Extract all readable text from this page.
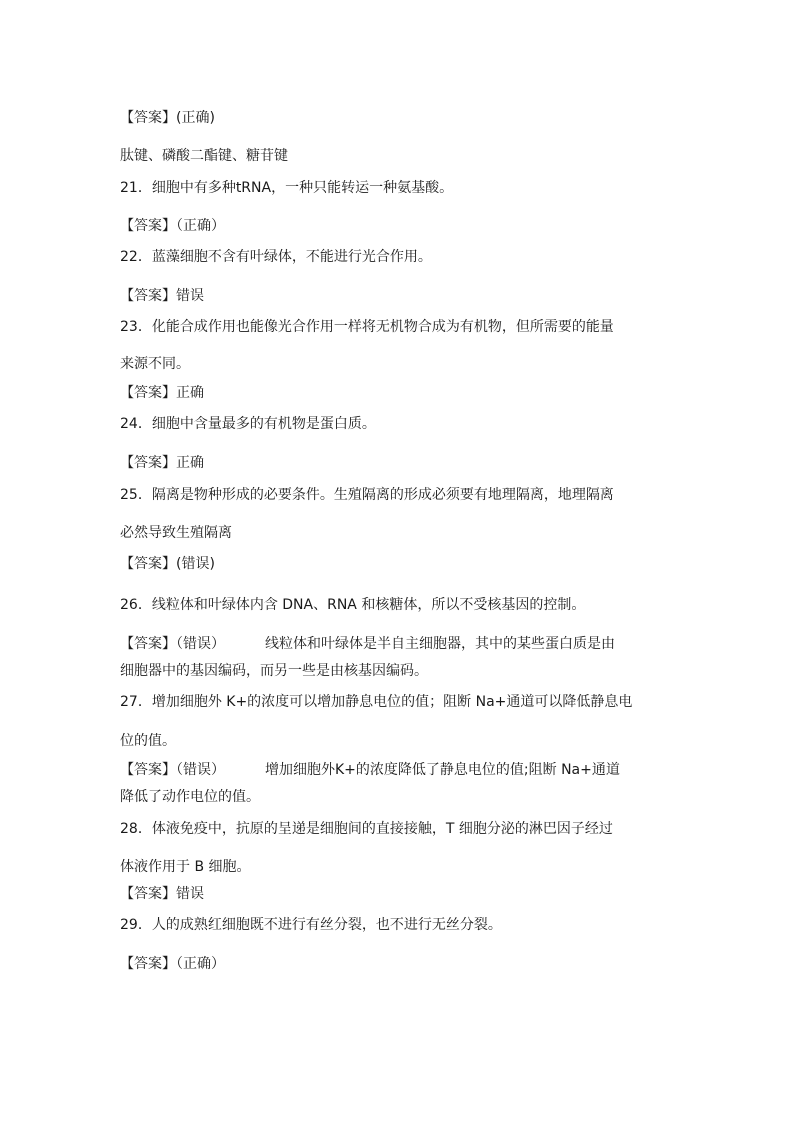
【答案】(正确)
肽键、磷酸二酯键、糖苷键
21．细胞中有多种tRNA，一种只能转运一种氨基酸。
【答案】（正确）
22．蓝藻细胞不含有叶绿体，不能进行光合作用。
【答案】错误
23．化能合成作用也能像光合作用一样将无机物合成为有机物，但所需要的能量
来源不同。
【答案】正确
24．细胞中含量最多的有机物是蛋白质。
【答案】正确
25．隔离是物种形成的必要条件。生殖隔离的形成必须要有地理隔离，地理隔离
必然导致生殖隔离
【答案】(错误)
26．线粒体和叶绿体内含 DNA、RNA 和核糖体，所以不受核基因的控制。
【答案】（错误）	线粒体和叶绿体是半自主细胞器，其中的某些蛋白质是由
细胞器中的基因编码，而另一些是由核基因编码。
27．增加细胞外 K+的浓度可以增加静息电位的值；阻断 Na+通道可以降低静息电
位的值。
【答案】（错误）	增加细胞外K+的浓度降低了静息电位的值;阻断 Na+通道
降低了动作电位的值。
28．体液免疫中，抗原的呈递是细胞间的直接接触，T 细胞分泌的淋巴因子经过
体液作用于 B 细胞。
【答案】错误
29．人的成熟红细胞既不进行有丝分裂，也不进行无丝分裂。
【答案】（正确）
